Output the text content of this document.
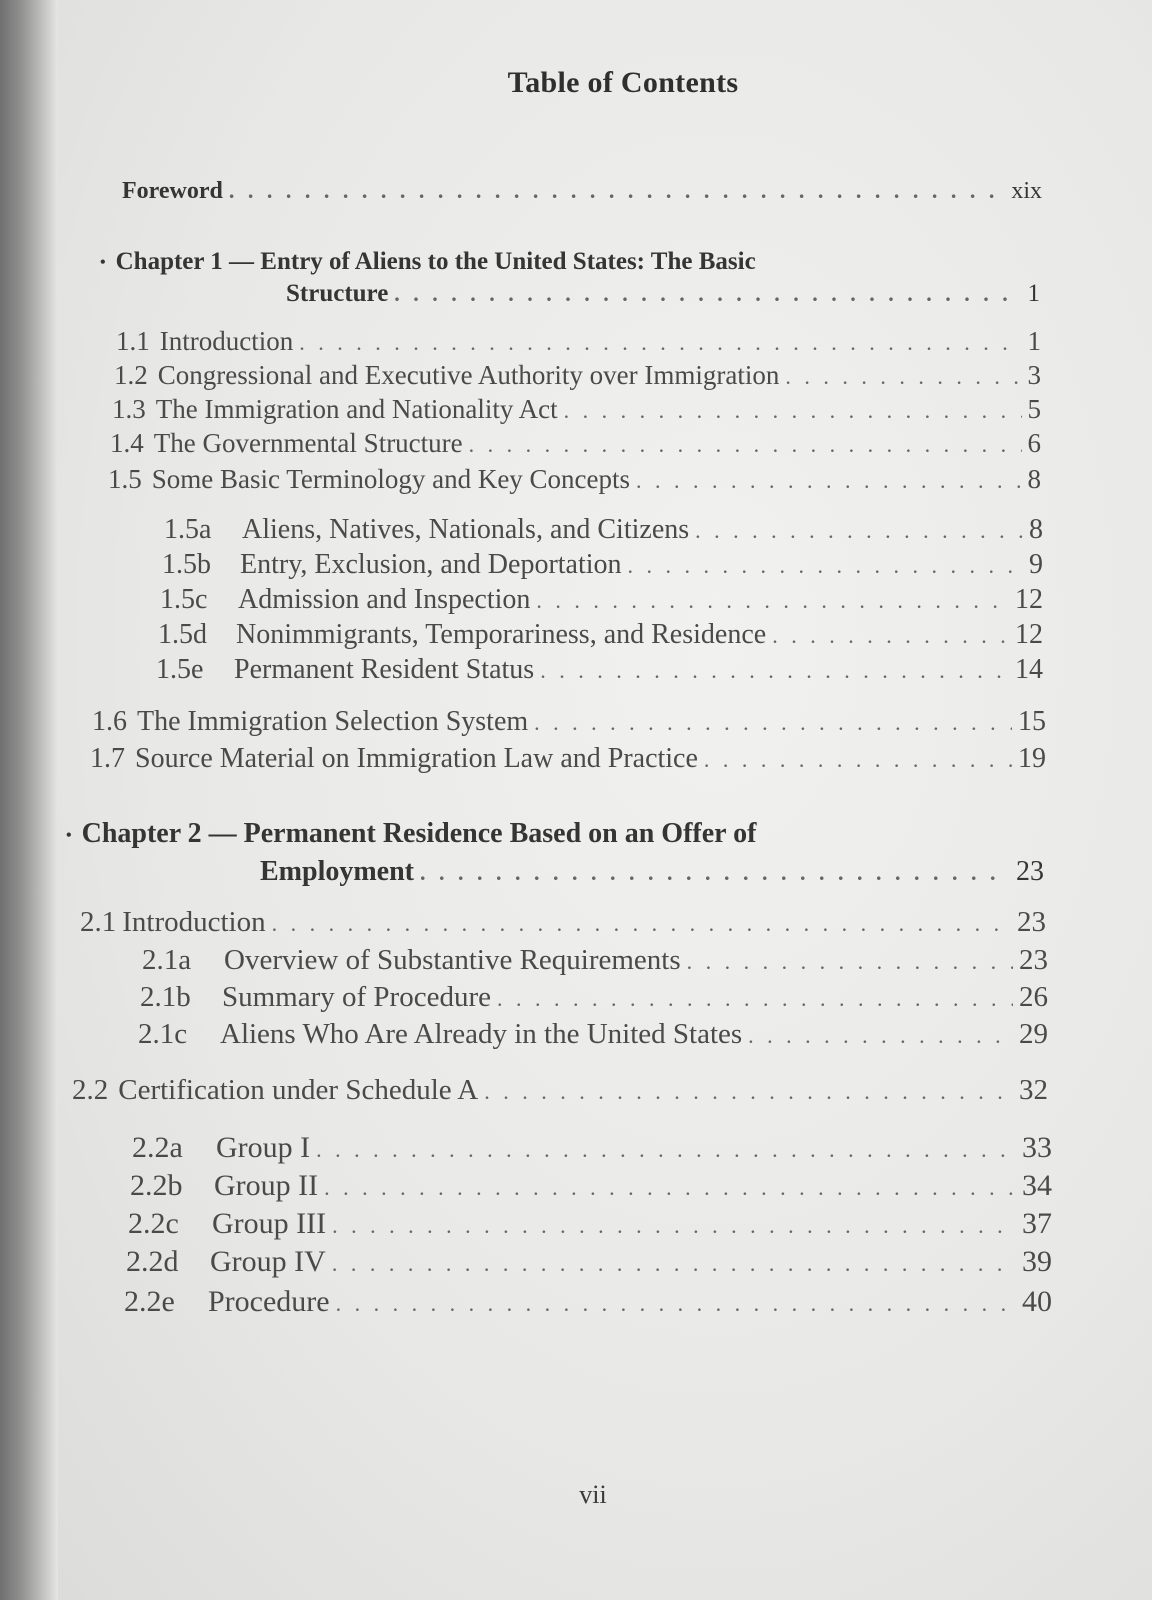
Table of Contents
Foreword . . .	xix
• Chapter 1 — Entry of Aliens to the United States: The Basic
Structure . . .	1
1.1 Introduction . . .	1
1.2 Congressional and Executive Authority over Immigration . . .	3
1.3 The Immigration and Nationality Act . . .	5
1.4 The Governmental Structure . . .	6
1.5 Some Basic Terminology and Key Concepts . . .	8
1.5a	Aliens, Natives, Nationals, and Citizens . . .	8
1.5b	Entry, Exclusion, and Deportation . . .	9
1.5c	Admission and Inspection . . .	12
1.5d	Nonimmigrants, Temporariness, and Residence . . .	12
1.5e	Permanent Resident Status . . .	14
1.6 The Immigration Selection System . . .	15
1.7 Source Material on Immigration Law and Practice . . .	19
• Chapter 2 — Permanent Residence Based on an Offer of
Employment . . .	23
2.1 Introduction . . .	23
2.1a	Overview of Substantive Requirements . . .	23
2.1b	Summary of Procedure . . .	26
2.1c	Aliens Who Are Already in the United States . . .	29
2.2 Certification under Schedule A . . .	32
2.2a	Group I . . .	33
2.2b	Group II . . .	34
2.2c	Group III . . .	37
2.2d	Group IV . . .	39
2.2e	Procedure . . .	40
vii
